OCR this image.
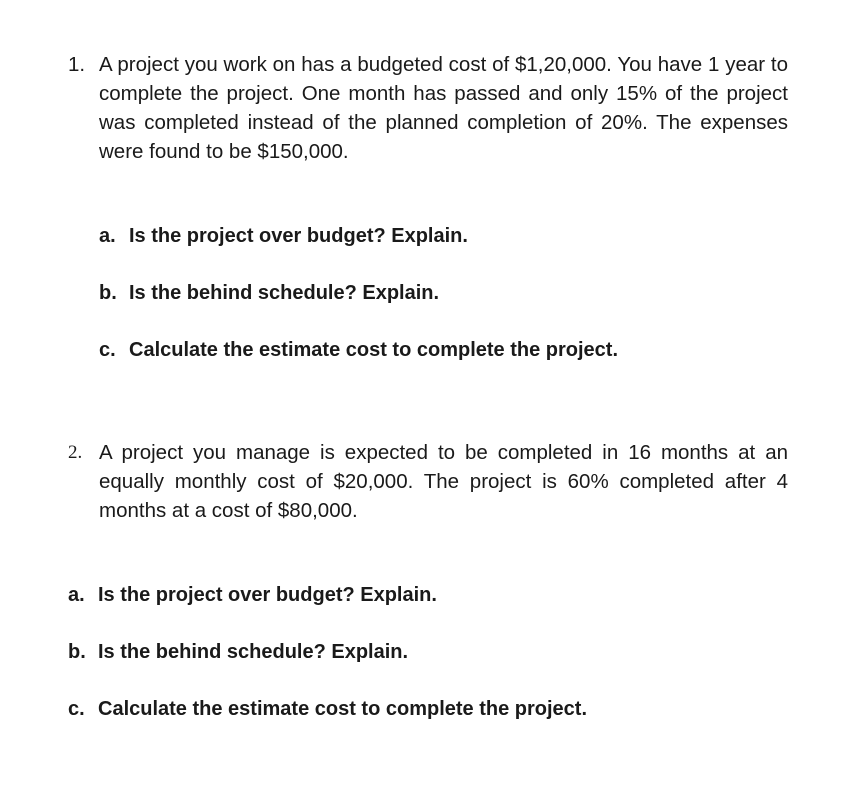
1. A project you work on has a budgeted cost of $1,20,000. You have 1 year to complete the project. One month has passed and only 15% of the project was completed instead of the planned completion of 20%. The expenses were found to be $150,000.
a. Is the project over budget? Explain.
b. Is the behind schedule? Explain.
c. Calculate the estimate cost to complete the project.
2. A project you manage is expected to be completed in 16 months at an equally monthly cost of $20,000. The project is 60% completed after 4 months at a cost of $80,000.
a. Is the project over budget? Explain.
b. Is the behind schedule? Explain.
c. Calculate the estimate cost to complete the project.
